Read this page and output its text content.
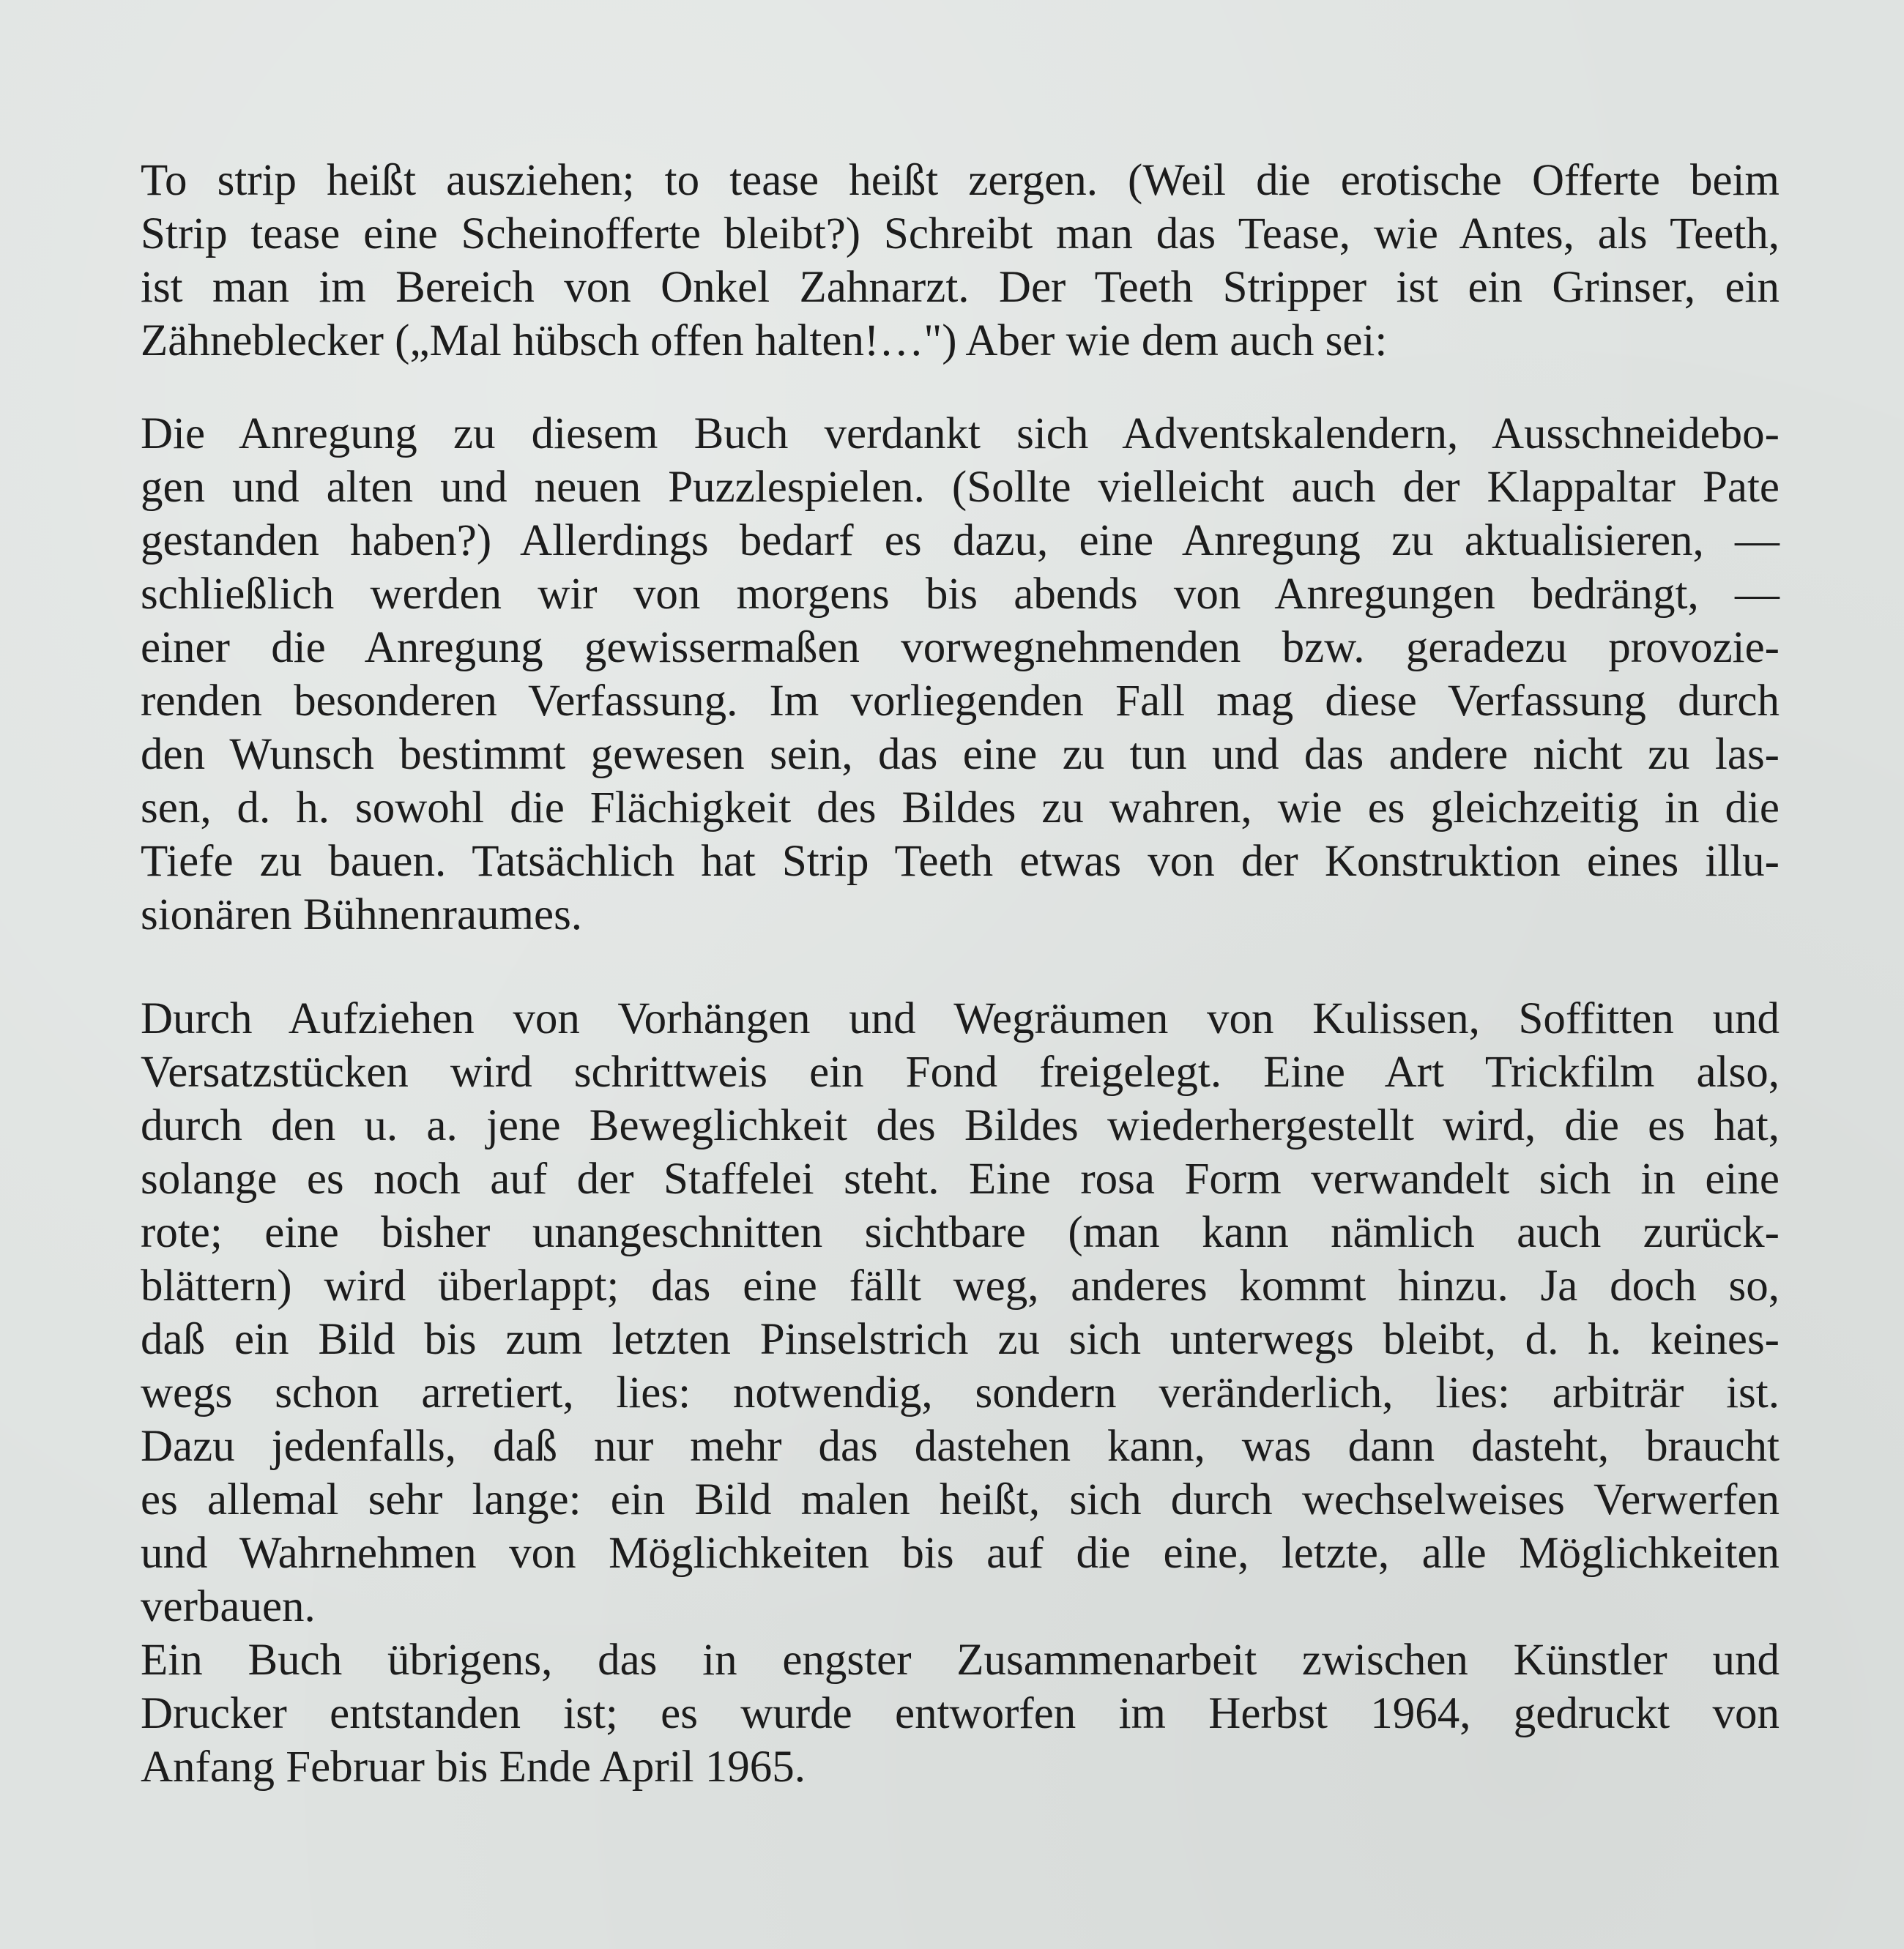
To strip heißt ausziehen; to tease heißt zergen. (Weil die erotische Offerte beim
Strip tease eine Scheinofferte bleibt?) Schreibt man das Tease, wie Antes, als Teeth,
ist man im Bereich von Onkel Zahnarzt. Der Teeth Stripper ist ein Grinser, ein
Zähneblecker („Mal hübsch offen halten!…") Aber wie dem auch sei:
Die Anregung zu diesem Buch verdankt sich Adventskalendern, Ausschneidebo-
gen und alten und neuen Puzzlespielen. (Sollte vielleicht auch der Klappaltar Pate
gestanden haben?) Allerdings bedarf es dazu, eine Anregung zu aktualisieren, —
schließlich werden wir von morgens bis abends von Anregungen bedrängt, —
einer die Anregung gewissermaßen vorwegnehmenden bzw. geradezu provozie-
renden besonderen Verfassung. Im vorliegenden Fall mag diese Verfassung durch
den Wunsch bestimmt gewesen sein, das eine zu tun und das andere nicht zu las-
sen, d. h. sowohl die Flächigkeit des Bildes zu wahren, wie es gleichzeitig in die
Tiefe zu bauen. Tatsächlich hat Strip Teeth etwas von der Konstruktion eines illu-
sionären Bühnenraumes.
Durch Aufziehen von Vorhängen und Wegräumen von Kulissen, Soffitten und
Versatzstücken wird schrittweis ein Fond freigelegt. Eine Art Trickfilm also,
durch den u. a. jene Beweglichkeit des Bildes wiederhergestellt wird, die es hat,
solange es noch auf der Staffelei steht. Eine rosa Form verwandelt sich in eine
rote; eine bisher unangeschnitten sichtbare (man kann nämlich auch zurück-
blättern) wird überlappt; das eine fällt weg, anderes kommt hinzu. Ja doch so,
daß ein Bild bis zum letzten Pinselstrich zu sich unterwegs bleibt, d. h. keines-
wegs schon arretiert, lies: notwendig, sondern veränderlich, lies: arbiträr ist.
Dazu jedenfalls, daß nur mehr das dastehen kann, was dann dasteht, braucht
es allemal sehr lange: ein Bild malen heißt, sich durch wechselweises Verwerfen
und Wahrnehmen von Möglichkeiten bis auf die eine, letzte, alle Möglichkeiten
verbauen.
Ein Buch übrigens, das in engster Zusammenarbeit zwischen Künstler und
Drucker entstanden ist; es wurde entworfen im Herbst 1964, gedruckt von
Anfang Februar bis Ende April 1965.
